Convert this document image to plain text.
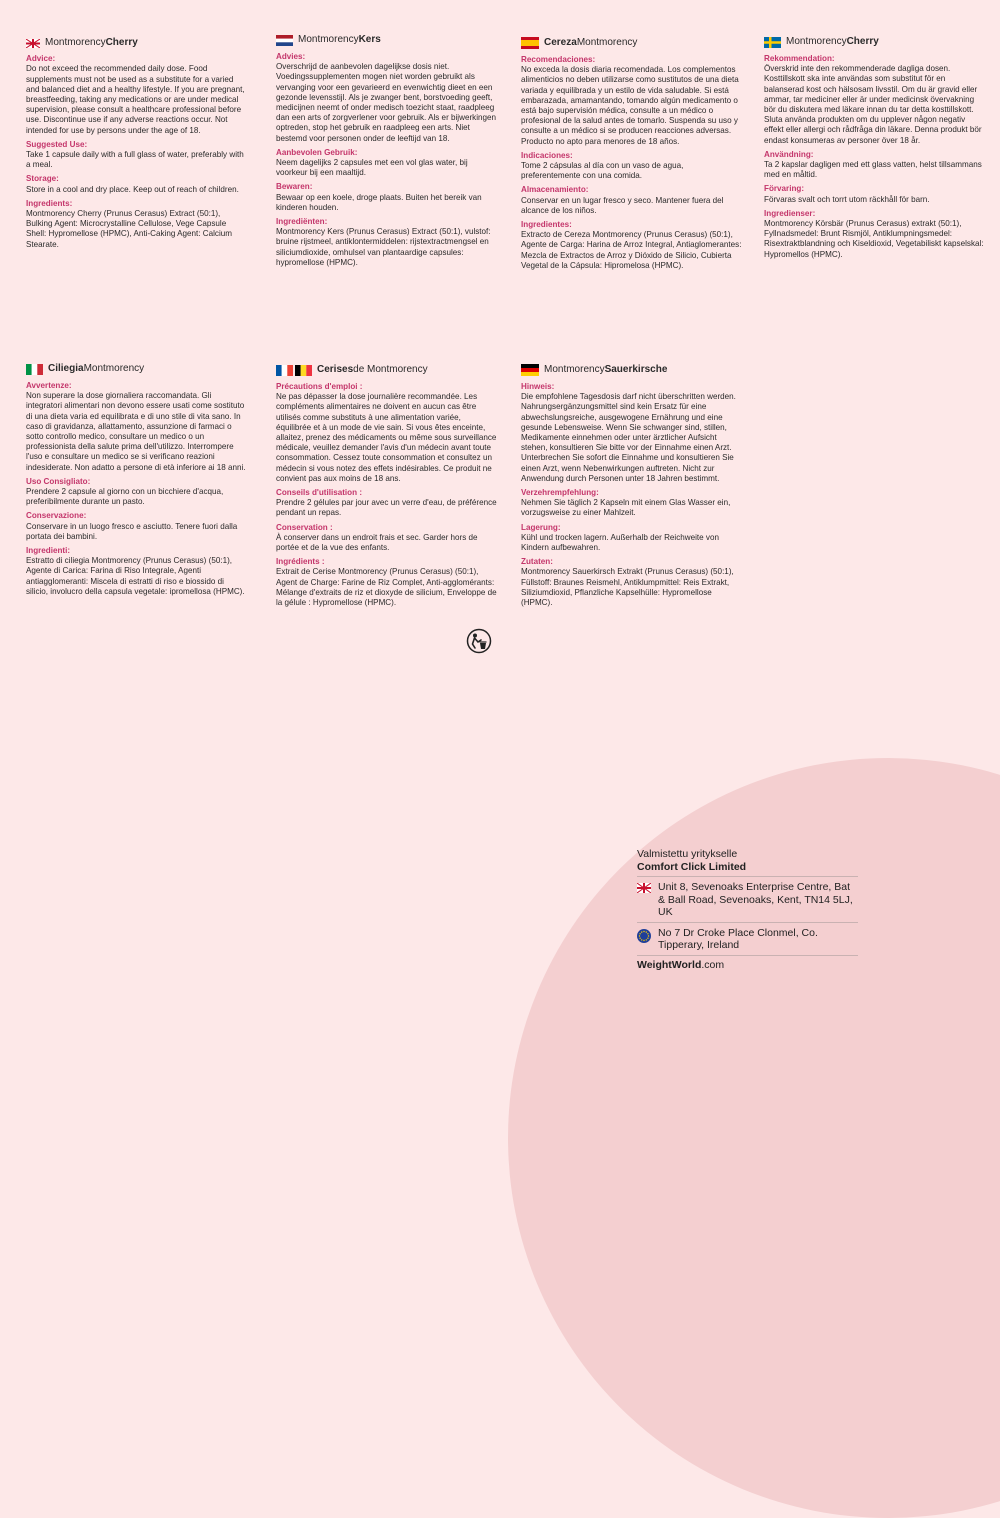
Montmorency Cherry
Advice:
Do not exceed the recommended daily dose. Food supplements must not be used as a substitute for a varied and balanced diet and a healthy lifestyle. If you are pregnant, breastfeeding, taking any medications or are under medical supervision, please consult a healthcare professional before use. Discontinue use if any adverse reactions occur. Not intended for use by persons under the age of 18.
Suggested Use:
Take 1 capsule daily with a full glass of water, preferably with a meal.
Storage:
Store in a cool and dry place. Keep out of reach of children.
Ingredients:
Montmorency Cherry (Prunus Cerasus) Extract (50:1), Bulking Agent: Microcrystalline Cellulose, Vege Capsule Shell: Hypromellose (HPMC), Anti-Caking Agent: Calcium Stearate.
Montmorency Kers
Advies:
Overschrijd de aanbevolen dagelijkse dosis niet. Voedingssupplementen mogen niet worden gebruikt als vervanging voor een gevarieerd en evenwichtig dieet en een gezonde levensstijl. Als je zwanger bent, borstvoeding geeft, medicijnen neemt of onder medisch toezicht staat, raadpleeg dan een arts of zorgverlener voor gebruik. Als er bijwerkingen optreden, stop het gebruik en raadpleeg een arts. Niet bestemd voor personen onder de leeftijd van 18.
Aanbevolen Gebruik:
Neem dagelijks 2 capsules met een vol glas water, bij voorkeur bij een maaltijd.
Bewaren:
Bewaar op een koele, droge plaats. Buiten het bereik van kinderen houden.
Ingrediënten:
Montmorency Kers (Prunus Cerasus) Extract (50:1), vulstof: bruine rijstmeel, antiklontermiddelen: rijstextractmengsel en siliciumdioxide, omhulsel van plantaardige capsules: hypromellose (HPMC).
Cereza Montmorency
Recomendaciones:
No exceda la dosis diaria recomendada. Los complementos alimenticios no deben utilizarse como sustitutos de una dieta variada y equilibrada y un estilo de vida saludable. Si está embarazada, amamantando, tomando algún medicamento o está bajo supervisión médica, consulte a un médico o profesional de la salud antes de tomarlo. Suspenda su uso y consulte a un médico si se producen reacciones adversas. Producto no apto para menores de 18 años.
Indicaciones:
Tome 2 cápsulas al día con un vaso de agua, preferentemente con una comida.
Almacenamiento:
Conservar en un lugar fresco y seco. Mantener fuera del alcance de los niños.
Ingredientes:
Extracto de Cereza Montmorency (Prunus Cerasus) (50:1), Agente de Carga: Harina de Arroz Integral, Antiaglomerantes: Mezcla de Extractos de Arroz y Dióxido de Silicio, Cubierta Vegetal de la Cápsula: Hipromelosa (HPMC).
Montmorency Cherry
Rekommendation:
Överskrid inte den rekommenderade dagliga dosen. Kosttillskott ska inte användas som substitut för en balanserad kost och hälsosam livsstil. Om du är gravid eller ammar, tar mediciner eller är under medicinsk övervakning bör du diskutera med läkare innan du tar detta kosttillskott. Sluta använda produkten om du upplever någon negativ effekt eller allergi och rådfråga din läkare. Denna produkt bör endast konsumeras av personer över 18 år.
Användning:
Ta 2 kapslar dagligen med ett glass vatten, helst tillsammans med en måltid.
Förvaring:
Förvaras svalt och torrt utom räckhåll för barn.
Ingredienser:
Montmorency Körsbär (Prunus Cerasus) extrakt (50:1), Fyllnadsmedel: Brunt Rismjöl, Antiklumpningsmedel: Risextraktblandning och Kiseldioxid, Vegetabiliskt kapselskal: Hypromellos (HPMC).
Ciliegia Montmorency
Avvertenze:
Non superare la dose giornaliera raccomandata. Gli integratori alimentari non devono essere usati come sostituto di una dieta varia ed equilibrata e di uno stile di vita sano. In caso di gravidanza, allattamento, assunzione di farmaci o sotto controllo medico, consultare un medico o un professionista della salute prima dell'utilizzo. Interrompere l'uso e consultare un medico se si verificano reazioni indesiderate. Non adatto a persone di età inferiore ai 18 anni.
Uso Consigliato:
Prendere 2 capsule al giorno con un bicchiere d'acqua, preferibilmente durante un pasto.
Conservazione:
Conservare in un luogo fresco e asciutto. Tenere fuori dalla portata dei bambini.
Ingredienti:
Estratto di ciliegia Montmorency (Prunus Cerasus) (50:1), Agente di Carica: Farina di Riso Integrale, Agenti antiagglomeranti: Miscela di estratti di riso e biossido di silicio, involucro della capsula vegetale: ipromellosa (HPMC).
Cerises de Montmorency
Précautions d'emploi :
Ne pas dépasser la dose journalière recommandée. Les compléments alimentaires ne doivent en aucun cas être utilisés comme substituts à une alimentation variée, équilibrée et à un mode de vie sain. Si vous êtes enceinte, allaitez, prenez des médicaments ou même sous surveillance médicale, veuillez demander l'avis d'un médecin avant toute consommation. Cessez toute consommation et consultez un médecin si vous notez des effets indésirables. Ce produit ne convient pas aux moins de 18 ans.
Conseils d'utilisation :
Prendre 2 gélules par jour avec un verre d'eau, de préférence pendant un repas.
Conservation :
À conserver dans un endroit frais et sec. Garder hors de portée et de la vue des enfants.
Ingrédients :
Extrait de Cerise Montmorency (Prunus Cerasus) (50:1), Agent de Charge: Farine de Riz Complet, Anti-agglomérants: Mélange d'extraits de riz et dioxyde de silicium, Enveloppe de la gélule : Hypromellose (HPMC).
Montmorency Sauerkirsche
Hinweis:
Die empfohlene Tagesdosis darf nicht überschritten werden. Nahrungsergänzungsmittel sind kein Ersatz für eine abwechslungsreiche, ausgewogene Ernährung und eine gesunde Lebensweise. Wenn Sie schwanger sind, stillen, Medikamente einnehmen oder unter ärztlicher Aufsicht stehen, konsultieren Sie bitte vor der Einnahme einen Arzt. Unterbrechen Sie sofort die Einnahme und konsultieren Sie einen Arzt, wenn Nebenwirkungen auftreten. Nicht zur Anwendung durch Personen unter 18 Jahren bestimmt.
Verzehrempfehlung:
Nehmen Sie täglich 2 Kapseln mit einem Glas Wasser ein, vorzugsweise zu einer Mahlzeit.
Lagerung:
Kühl und trocken lagern. Außerhalb der Reichweite von Kindern aufbewahren.
Zutaten:
Montmorency Sauerkirsch Extrakt (Prunus Cerasus) (50:1), Füllstoff: Braunes Reismehl, Antiklumpmittel: Reis Extrakt, Siliziumdioxid, Pflanzliche Kapselhülle: Hypromellose (HPMC).
Valmistettu yritykselle
Comfort Click Limited
Unit 8, Sevenoaks Enterprise Centre, Bat & Ball Road, Sevenoaks, Kent, TN14 5LJ, UK
No 7 Dr Croke Place Clonmel, Co. Tipperary, Ireland
WeightWorld.com
